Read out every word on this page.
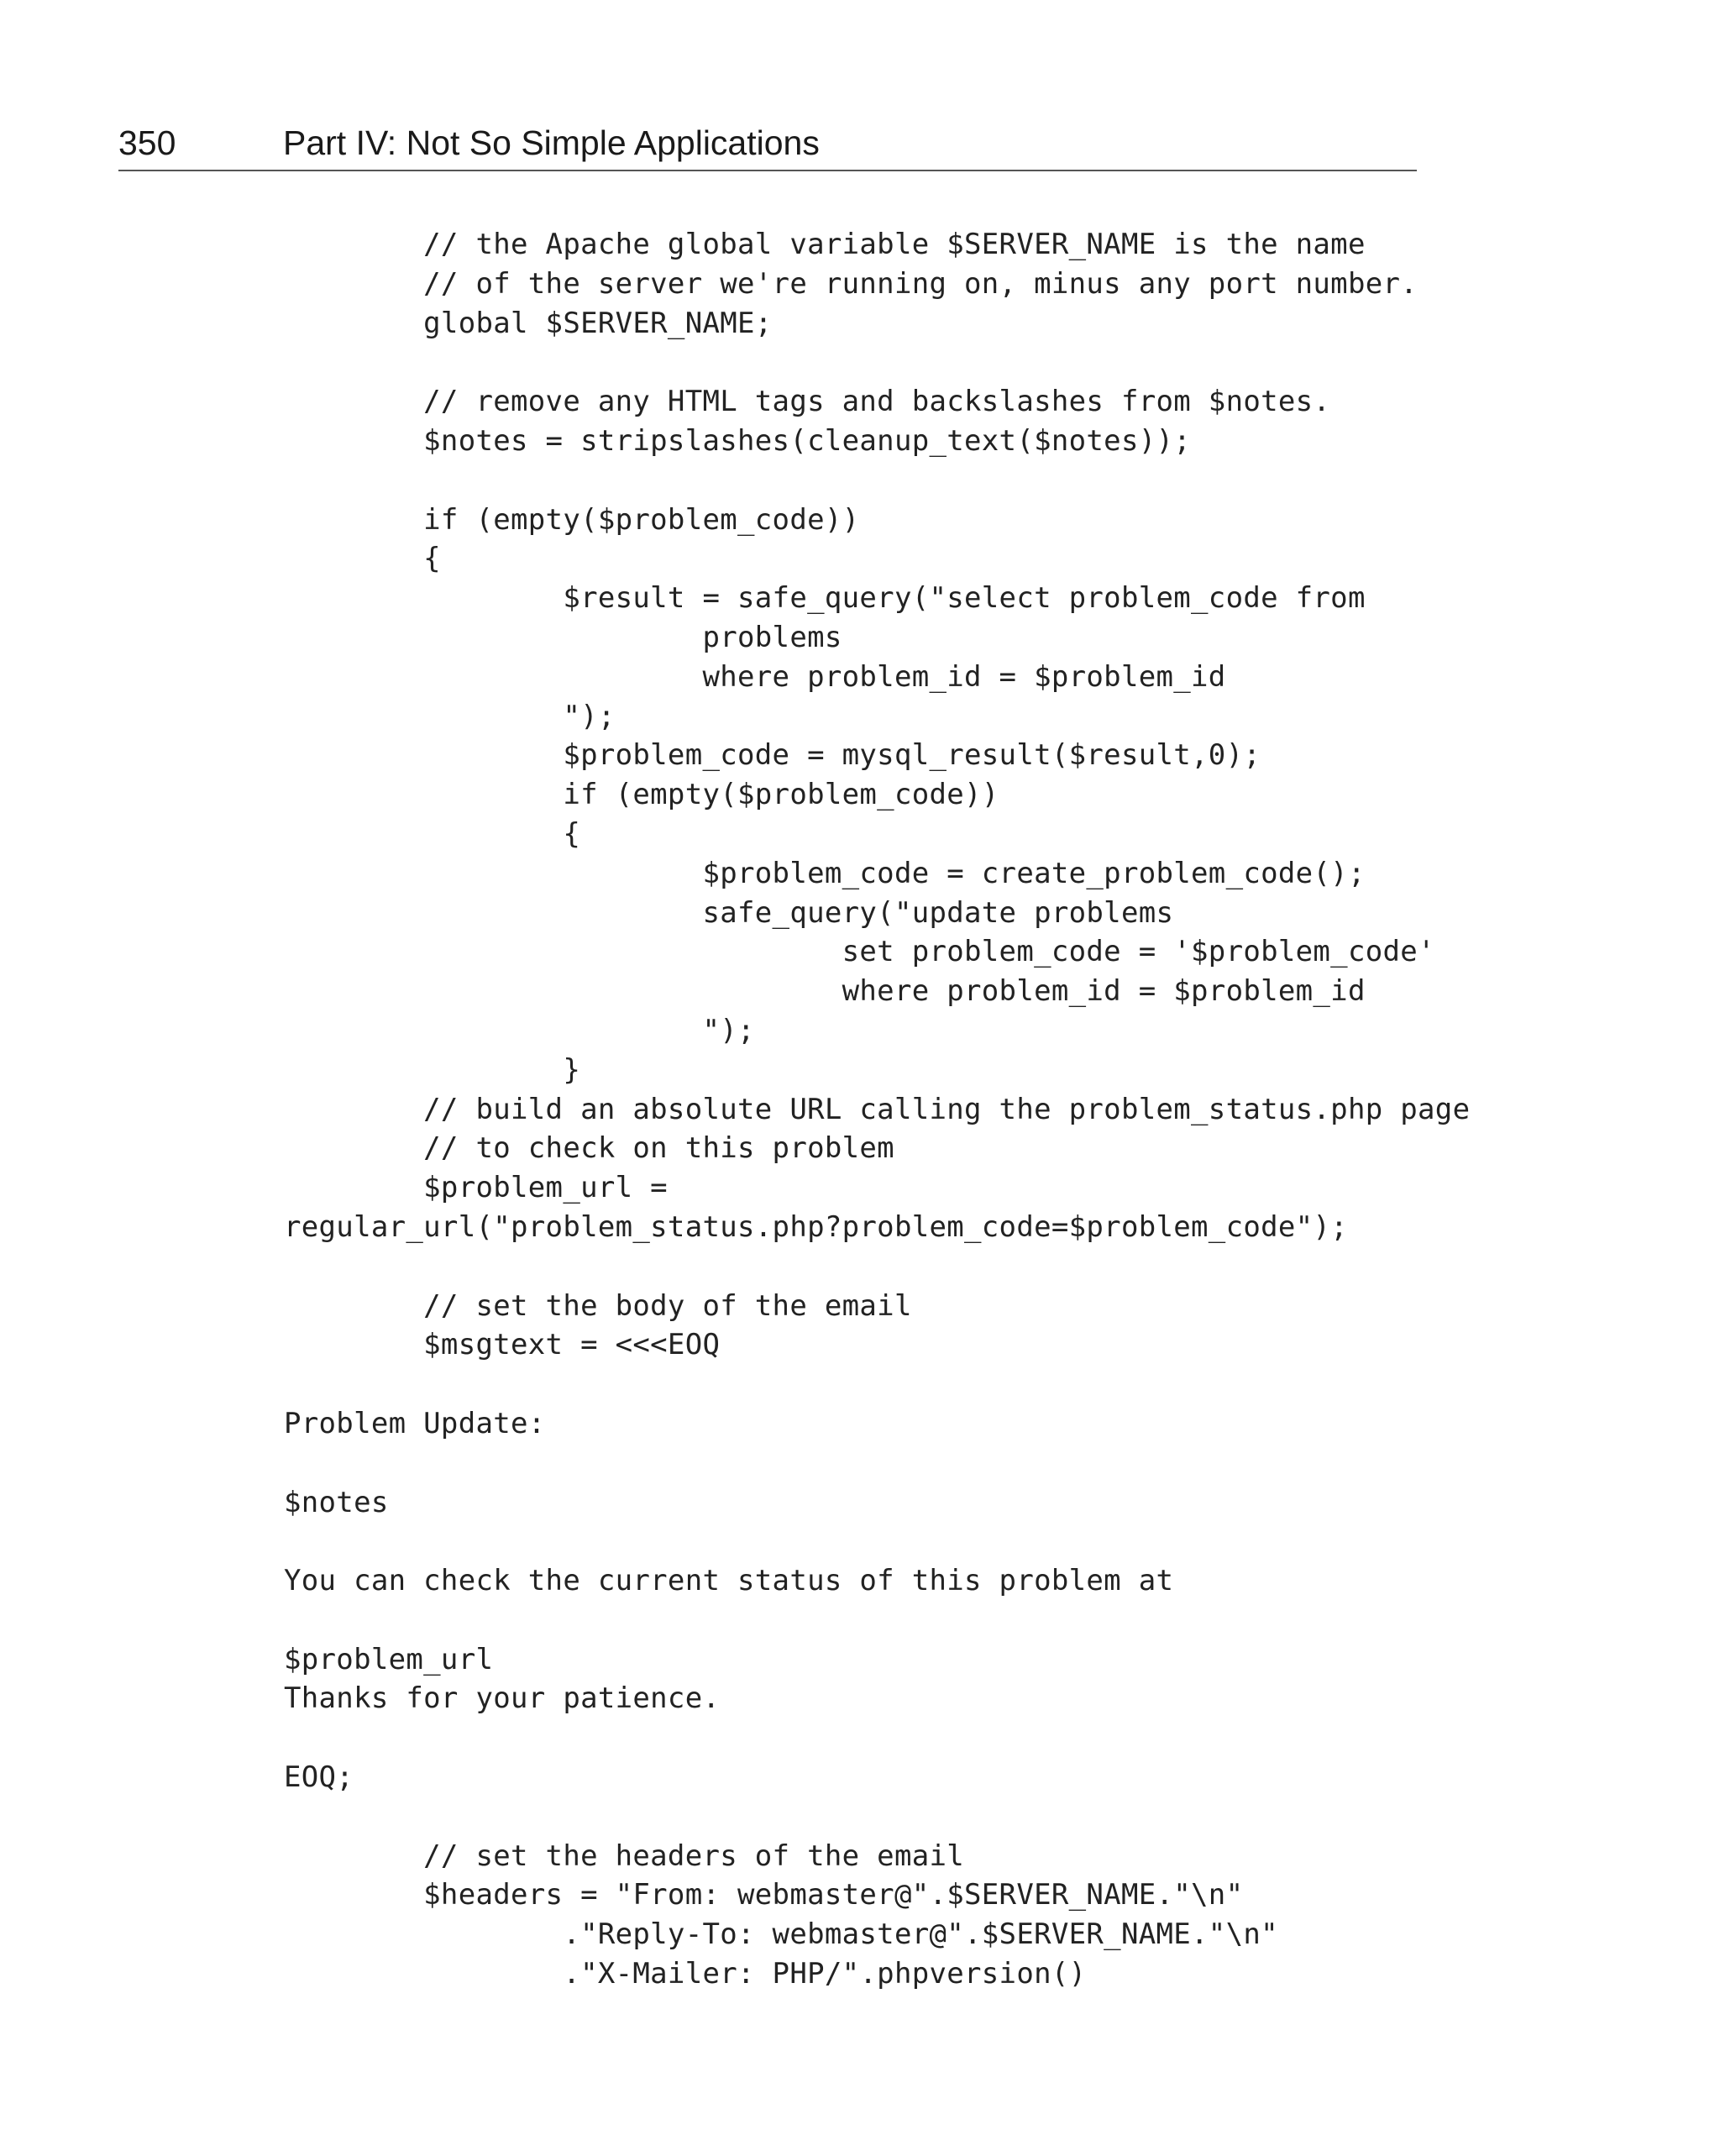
350	Part IV: Not So Simple Applications
// the Apache global variable $SERVER_NAME is the name
// of the server we're running on, minus any port number.
global $SERVER_NAME;
// remove any HTML tags and backslashes from $notes.
$notes = stripslashes(cleanup_text($notes));
if (empty($problem_code))
{
$result = safe_query("select problem_code from
problems
where problem_id = $problem_id
");
$problem_code = mysql_result($result,0);
if (empty($problem_code))
{
$problem_code = create_problem_code();
safe_query("update problems
set problem_code = '$problem_code'
where problem_id = $problem_id
");
}
// build an absolute URL calling the problem_status.php page
// to check on this problem
$problem_url =
regular_url("problem_status.php?problem_code=$problem_code");
// set the body of the email
$msgtext = <<<EOQ
Problem Update:
$notes
You can check the current status of this problem at
$problem_url
Thanks for your patience.
EOQ;
// set the headers of the email
$headers = "From: webmaster@".$SERVER_NAME."\n"
."Reply-To: webmaster@".$SERVER_NAME."\n"
."X-Mailer: PHP/".phpversion()
